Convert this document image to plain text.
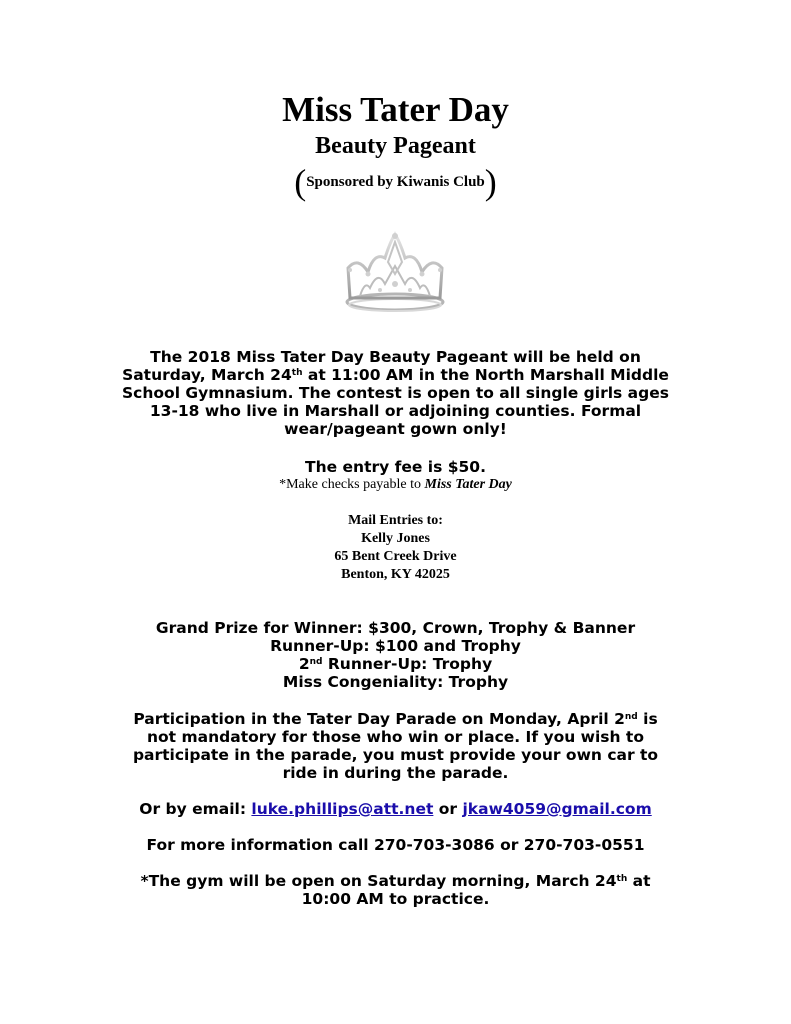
Miss Tater Day
Beauty Pageant
(Sponsored by Kiwanis Club)
The 2018 Miss Tater Day Beauty Pageant will be held on
Saturday, March 24th at 11:00 AM in the North Marshall Middle
School Gymnasium. The contest is open to all single girls ages
13-18 who live in Marshall or adjoining counties. Formal
wear/pageant gown only!
The entry fee is $50.
*Make checks payable to Miss Tater Day
Mail Entries to:
Kelly Jones
65 Bent Creek Drive
Benton, KY 42025
Grand Prize for Winner: $300, Crown, Trophy & Banner
Runner-Up: $100 and Trophy
2nd Runner-Up: Trophy
Miss Congeniality: Trophy
Participation in the Tater Day Parade on Monday, April 2nd is
not mandatory for those who win or place. If you wish to
participate in the parade, you must provide your own car to
ride in during the parade.
Or by email: luke.phillips@att.net or jkaw4059@gmail.com
For more information call 270-703-3086 or 270-703-0551
*The gym will be open on Saturday morning, March 24th at
10:00 AM to practice.
